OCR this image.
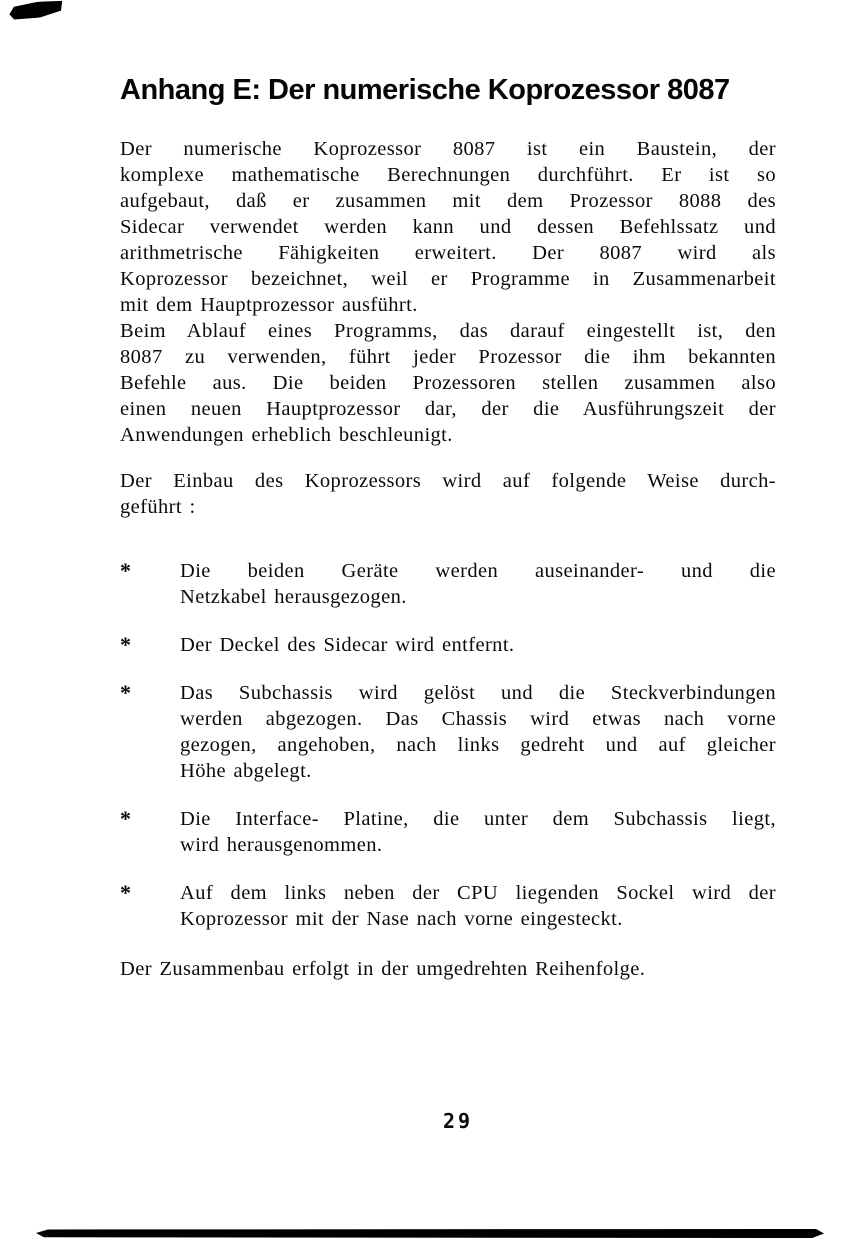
Anhang E: Der numerische Koprozessor 8087
Der numerische Koprozessor 8087 ist ein Baustein, der
komplexe mathematische Berechnungen durchführt. Er ist so
aufgebaut, daß er zusammen mit dem Prozessor 8088 des
Sidecar verwendet werden kann und dessen Befehlssatz und
arithmetrische Fähigkeiten erweitert. Der 8087 wird als
Koprozessor bezeichnet, weil er Programme in Zusammenarbeit
mit dem Hauptprozessor ausführt.
Beim Ablauf eines Programms, das darauf eingestellt ist, den
8087 zu verwenden, führt jeder Prozessor die ihm bekannten
Befehle aus. Die beiden Prozessoren stellen zusammen also
einen neuen Hauptprozessor dar, der die Ausführungszeit der
Anwendungen erheblich beschleunigt.
Der Einbau des Koprozessors wird auf folgende Weise durch-
geführt :
*	Die beiden Geräte werden auseinander- und die
Netzkabel herausgezogen.
*	Der Deckel des Sidecar wird entfernt.
*	Das Subchassis wird gelöst und die Steckverbindungen
werden abgezogen. Das Chassis wird etwas nach vorne
gezogen, angehoben, nach links gedreht und auf gleicher
Höhe abgelegt.
*	Die Interface- Platine, die unter dem Subchassis liegt,
wird herausgenommen.
*	Auf dem links neben der CPU liegenden Sockel wird der
Koprozessor mit der Nase nach vorne eingesteckt.

Der Zusammenbau erfolgt in der umgedrehten Reihenfolge.

29
